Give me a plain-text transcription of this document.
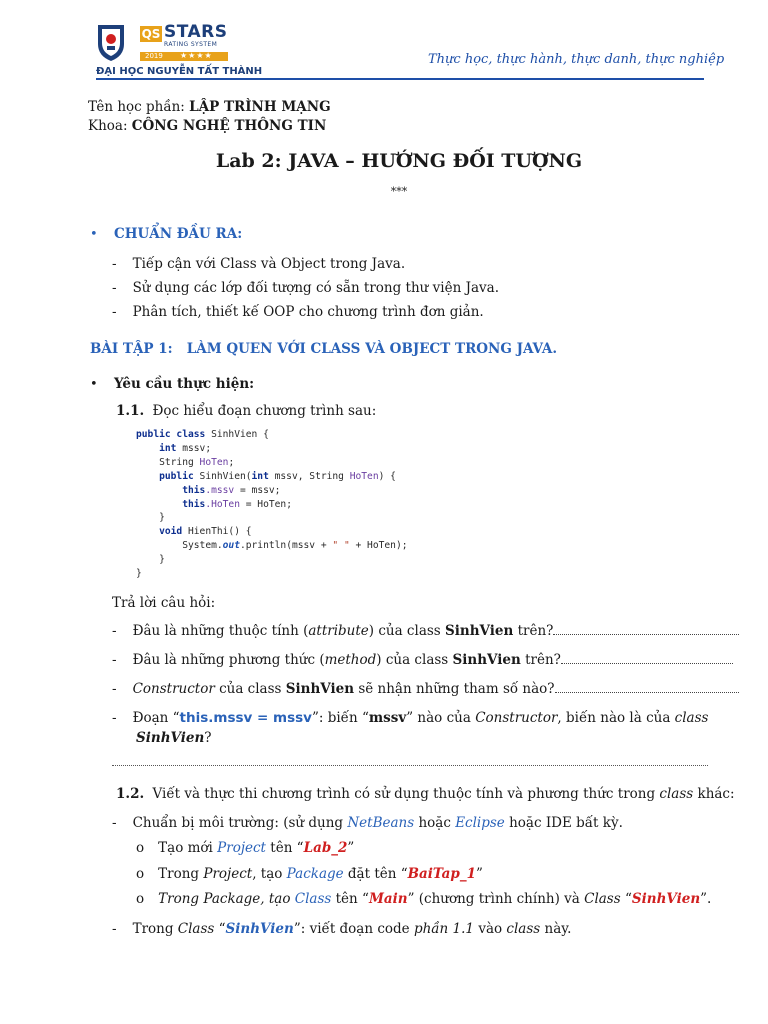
QS STARS
RATING SYSTEM
2019 ★★★★
ĐẠI HỌC NGUYỄN TẤT THÀNH
Thực học, thực hành, thực danh, thực nghiệp
Tên học phần: LẬP TRÌNH MẠNG
Khoa: CÔNG NGHỆ THÔNG TIN
Lab 2: JAVA – HƯỚNG ĐỐI TƯỢNG
***
• CHUẨN ĐẦU RA:
- Tiếp cận với Class và Object trong Java.
- Sử dụng các lớp đối tượng có sẵn trong thư viện Java.
- Phân tích, thiết kế OOP cho chương trình đơn giản.
BÀI TẬP 1:   LÀM QUEN VỚI CLASS VÀ OBJECT TRONG JAVA.
• Yêu cầu thực hiện:
1.1. Đọc hiểu đoạn chương trình sau:
public class SinhVien {
int mssv;
String HoTen;
public SinhVien(int mssv, String HoTen) {
this.mssv = mssv;
this.HoTen = HoTen;
}
void HienThi() {
System.out.println(mssv + " " + HoTen);
}
}
Trả lời câu hỏi:
- Đâu là những thuộc tính (attribute) của class SinhVien trên?
- Đâu là những phương thức (method) của class SinhVien trên?
- Constructor của class SinhVien sẽ nhận những tham số nào?
- Đoạn “this.mssv = mssv”: biến “mssv” nào của Constructor, biến nào là của class
SinhVien?
1.2. Viết và thực thi chương trình có sử dụng thuộc tính và phương thức trong class khác:
- Chuẩn bị môi trường: (sử dụng NetBeans hoặc Eclipse hoặc IDE bất kỳ.
o Tạo mới Project tên “Lab_2”
o Trong Project, tạo Package đặt tên “BaiTap_1”
o Trong Package, tạo Class tên “Main” (chương trình chính) và Class “SinhVien”.
- Trong Class “SinhVien”: viết đoạn code phần 1.1 vào class này.
